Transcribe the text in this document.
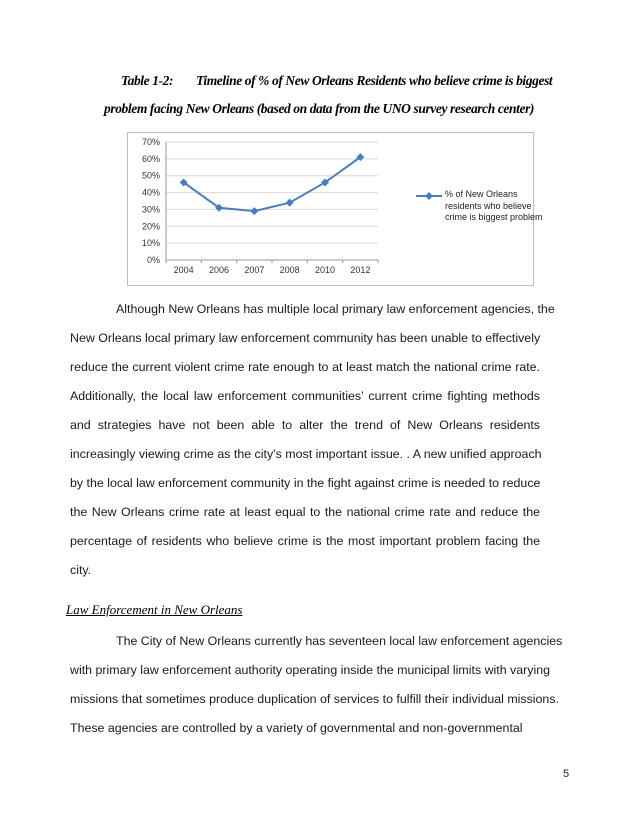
Table 1-2: Timeline of % of New Orleans Residents who believe crime is biggest
problem facing New Orleans (based on data from the UNO survey research center)
0%
10%
20%
30%
40%
50%
60%
70%
2004 2006 2007 2008 2010 2012
% of New Orleans residents who believe crime is biggest problem
Although New Orleans has multiple local primary law enforcement agencies, the
New Orleans local primary law enforcement community has been unable to effectively
reduce the current violent crime rate enough to at least match the national crime rate.
Additionally, the local law enforcement communities’ current crime fighting methods
and strategies have not been able to alter the trend of New Orleans residents
increasingly viewing crime as the city’s most important issue. . A new unified approach
by the local law enforcement community in the fight against crime is needed to reduce
the New Orleans crime rate at least equal to the national crime rate and reduce the
percentage of residents who believe crime is the most important problem facing the
city.
Law Enforcement in New Orleans
The City of New Orleans currently has seventeen local law enforcement agencies
with primary law enforcement authority operating inside the municipal limits with varying
missions that sometimes produce duplication of services to fulfill their individual missions.
These agencies are controlled by a variety of governmental and non-governmental
5
